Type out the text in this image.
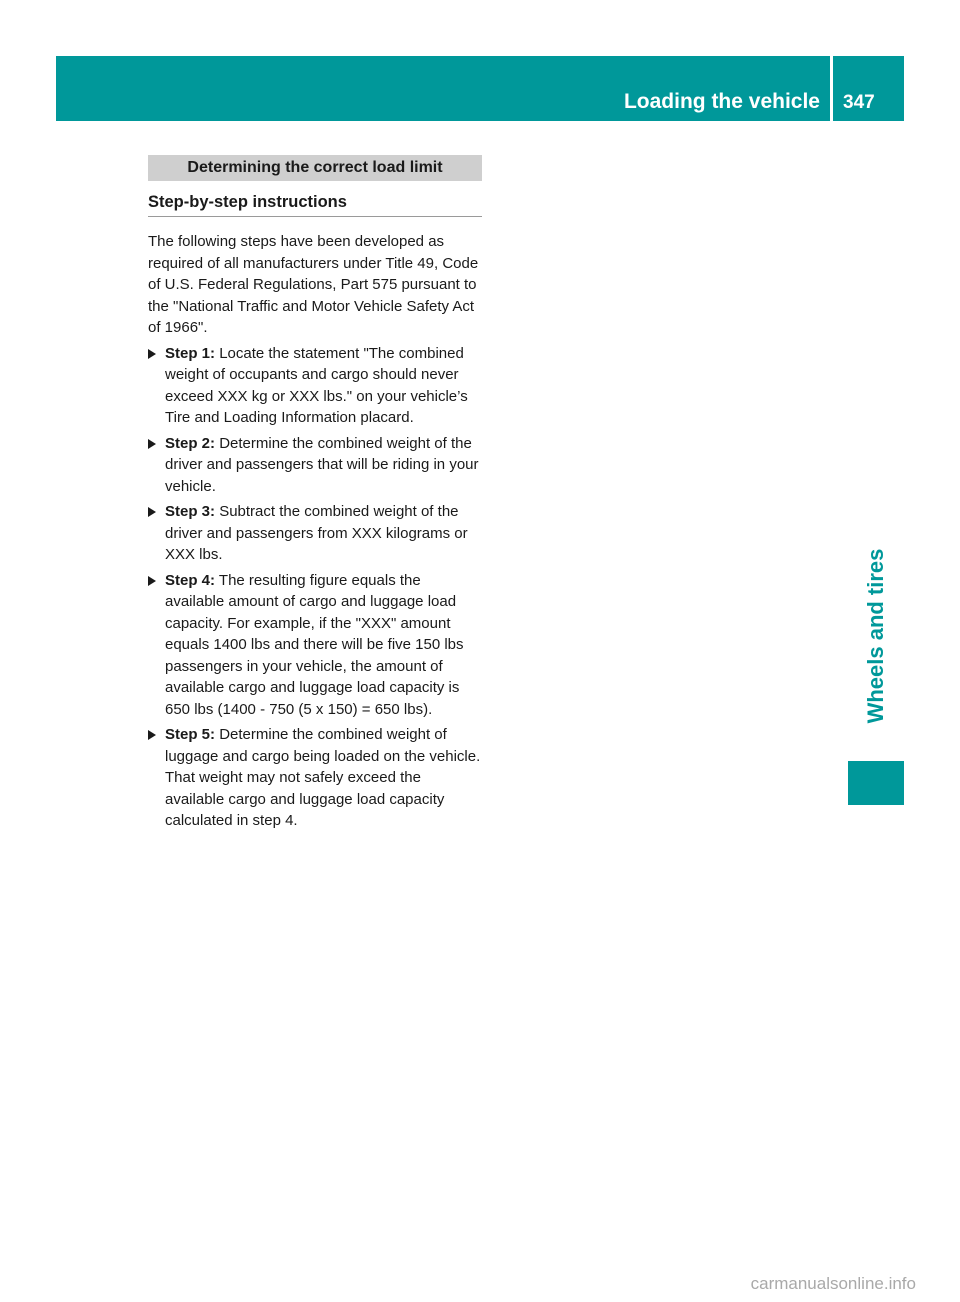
Loading the vehicle 347
Wheels and tires
Determining the correct load limit
Step-by-step instructions

The following steps have been developed as required of all manufacturers under Title 49, Code of U.S. Federal Regulations, Part 575 pursuant to the "National Traffic and Motor Vehicle Safety Act of 1966".

Step 1: Locate the statement "The combined weight of occupants and cargo should never exceed XXX kg or XXX lbs." on your vehicle’s Tire and Loading Information placard.
Step 2: Determine the combined weight of the driver and passengers that will be riding in your vehicle.
Step 3: Subtract the combined weight of the driver and passengers from XXX kilograms or XXX lbs.
Step 4: The resulting figure equals the available amount of cargo and luggage load capacity. For example, if the "XXX" amount equals 1400 lbs and there will be five 150 lbs passengers in your vehicle, the amount of available cargo and luggage load capacity is 650 lbs (1400 - 750 (5 x 150) = 650 lbs).
Step 5: Determine the combined weight of luggage and cargo being loaded on the vehicle. That weight may not safely exceed the available cargo and luggage load capacity calculated in step 4.
carmanualsonline.info
